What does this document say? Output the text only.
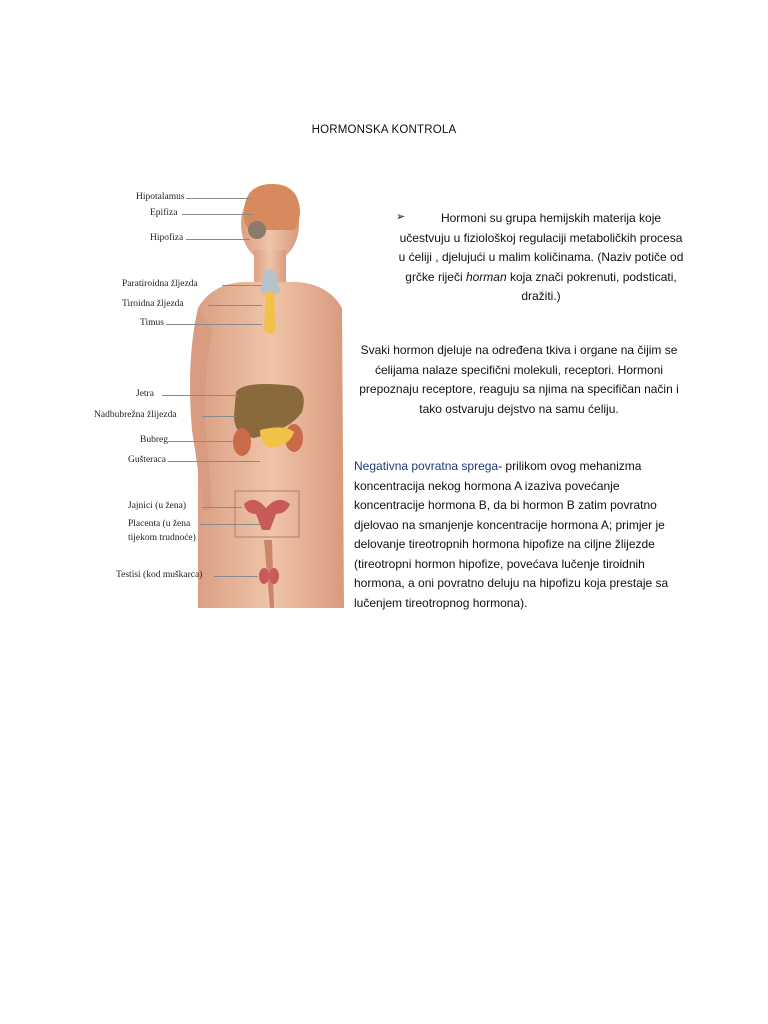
HORMONSKA KONTROLA
Hipotalamus
Epifiza
Hipofiza
Paratiroidna žljezda
Tiroidna žljezda
Timus
Jetra
Nadbubrežna žlijezda
Bubreg
Gušteraca
Jajnici (u žena)
Placenta (u žena
tijekom trudnoće)
Testisi (kod muškarca)
➢	Hormoni su grupa hemijskih materija koje učestvuju u fiziološkoj regulaciji metaboličkih procesa u ćeliji , djelujući u malim količinama. (Naziv potiče od grčke riječi horman koja znači pokrenuti, podsticati, dražiti.)
Svaki hormon djeluje na određena tkiva i organe na čijim se ćelijama nalaze specifični molekuli, receptori. Hormoni prepoznaju receptore, reaguju sa njima na specifičan način i tako ostvaruju dejstvo na samu ćeliju.
Negativna povratna sprega- prilikom ovog mehanizma koncentracija nekog hormona A izaziva povećanje koncentracije hormona B, da bi hormon B zatim povratno djelovao na smanjenje koncentracije hormona A; primjer je delovanje tireotropnih hormona hipofize na ciljne žlijezde (tireotropni hormon hipofize, povećava lučenje tiroidnih hormona, a oni povratno deluju na hipofizu koja prestaje sa lučenjem tireotropnog hormona).
